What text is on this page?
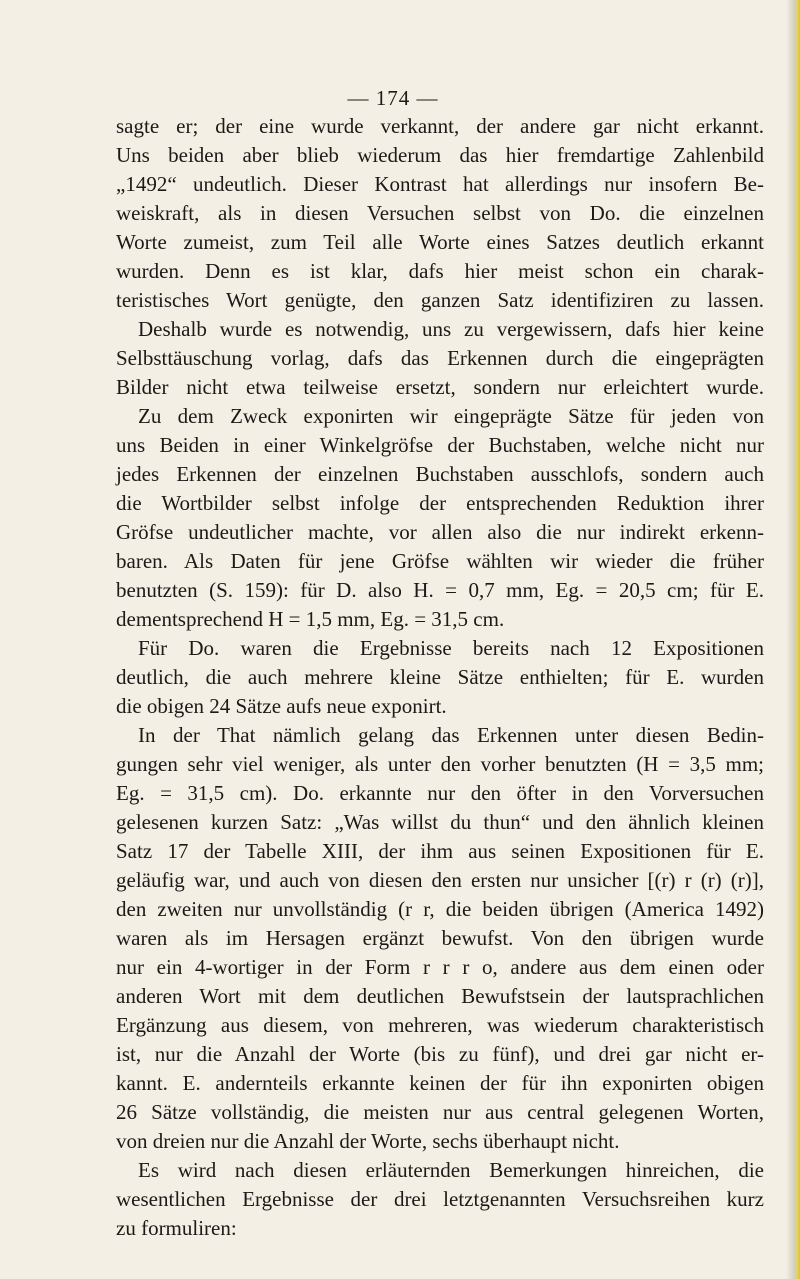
— 174 —
sagte er; der eine wurde verkannt, der andere gar nicht erkannt.
Uns beiden aber blieb wiederum das hier fremdartige Zahlenbild
„1492“ undeutlich. Dieser Kontrast hat allerdings nur insofern Be-
weiskraft, als in diesen Versuchen selbst von Do. die einzelnen
Worte zumeist, zum Teil alle Worte eines Satzes deutlich erkannt
wurden. Denn es ist klar, dafs hier meist schon ein charak-
teristisches Wort genügte, den ganzen Satz identifiziren zu lassen.
Deshalb wurde es notwendig, uns zu vergewissern, dafs hier keine
Selbsttäuschung vorlag, dafs das Erkennen durch die eingeprägten
Bilder nicht etwa teilweise ersetzt, sondern nur erleichtert wurde.
Zu dem Zweck exponirten wir eingeprägte Sätze für jeden von
uns Beiden in einer Winkelgröfse der Buchstaben, welche nicht nur
jedes Erkennen der einzelnen Buchstaben ausschlofs, sondern auch
die Wortbilder selbst infolge der entsprechenden Reduktion ihrer
Gröfse undeutlicher machte, vor allen also die nur indirekt erkenn-
baren. Als Daten für jene Gröfse wählten wir wieder die früher
benutzten (S. 159): für D. also H. = 0,7 mm, Eg. = 20,5 cm; für E.
dementsprechend H = 1,5 mm, Eg. = 31,5 cm.
Für Do. waren die Ergebnisse bereits nach 12 Expositionen
deutlich, die auch mehrere kleine Sätze enthielten; für E. wurden
die obigen 24 Sätze aufs neue exponirt.
In der That nämlich gelang das Erkennen unter diesen Bedin-
gungen sehr viel weniger, als unter den vorher benutzten (H = 3,5 mm;
Eg. = 31,5 cm). Do. erkannte nur den öfter in den Vorversuchen
gelesenen kurzen Satz: „Was willst du thun“ und den ähnlich kleinen
Satz 17 der Tabelle XIII, der ihm aus seinen Expositionen für E.
geläufig war, und auch von diesen den ersten nur unsicher [(r) r (r) (r)],
den zweiten nur unvollständig (r r, die beiden übrigen (America 1492)
waren als im Hersagen ergänzt bewufst. Von den übrigen wurde
nur ein 4-wortiger in der Form r r r o, andere aus dem einen oder
anderen Wort mit dem deutlichen Bewufstsein der lautsprachlichen
Ergänzung aus diesem, von mehreren, was wiederum charakteristisch
ist, nur die Anzahl der Worte (bis zu fünf), und drei gar nicht er-
kannt. E. andernteils erkannte keinen der für ihn exponirten obigen
26 Sätze vollständig, die meisten nur aus central gelegenen Worten,
von dreien nur die Anzahl der Worte, sechs überhaupt nicht.
Es wird nach diesen erläuternden Bemerkungen hinreichen, die
wesentlichen Ergebnisse der drei letztgenannten Versuchsreihen kurz
zu formuliren:
